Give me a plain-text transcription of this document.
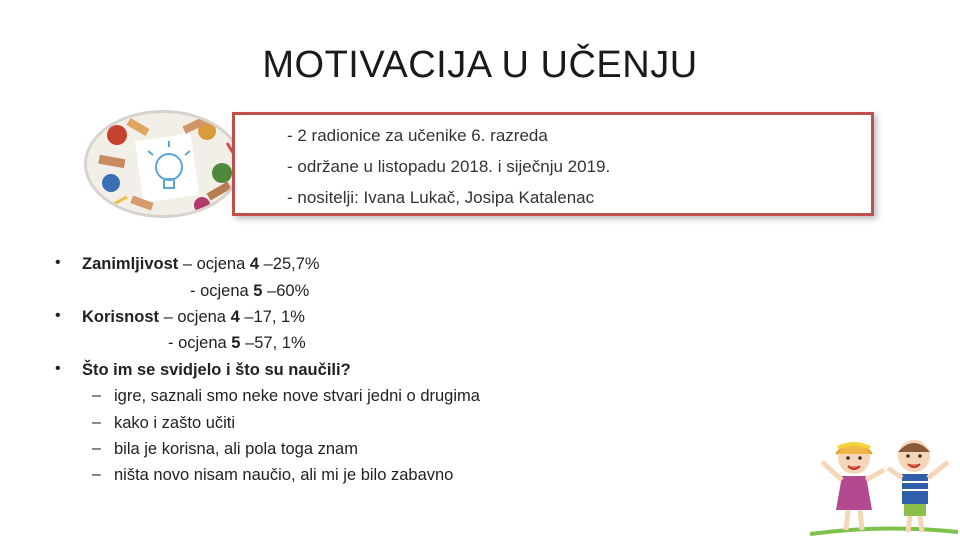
MOTIVACIJA U UČENJU
- 2 radionice za učenike 6. razreda
- održane u listopadu 2018. i siječnju 2019.
- nositelji: Ivana Lukač, Josipa Katalenac
• Zanimljivost – ocjena 4 –25,7%
- ocjena 5 –60%
• Korisnost – ocjena 4 –17, 1%
- ocjena 5 –57, 1%
• Što im se svidjelo i što su naučili?
– igre, saznali smo neke nove stvari jedni o drugima
– kako i zašto učiti
– bila je korisna, ali pola toga znam
– ništa novo nisam naučio, ali mi je bilo zabavno
